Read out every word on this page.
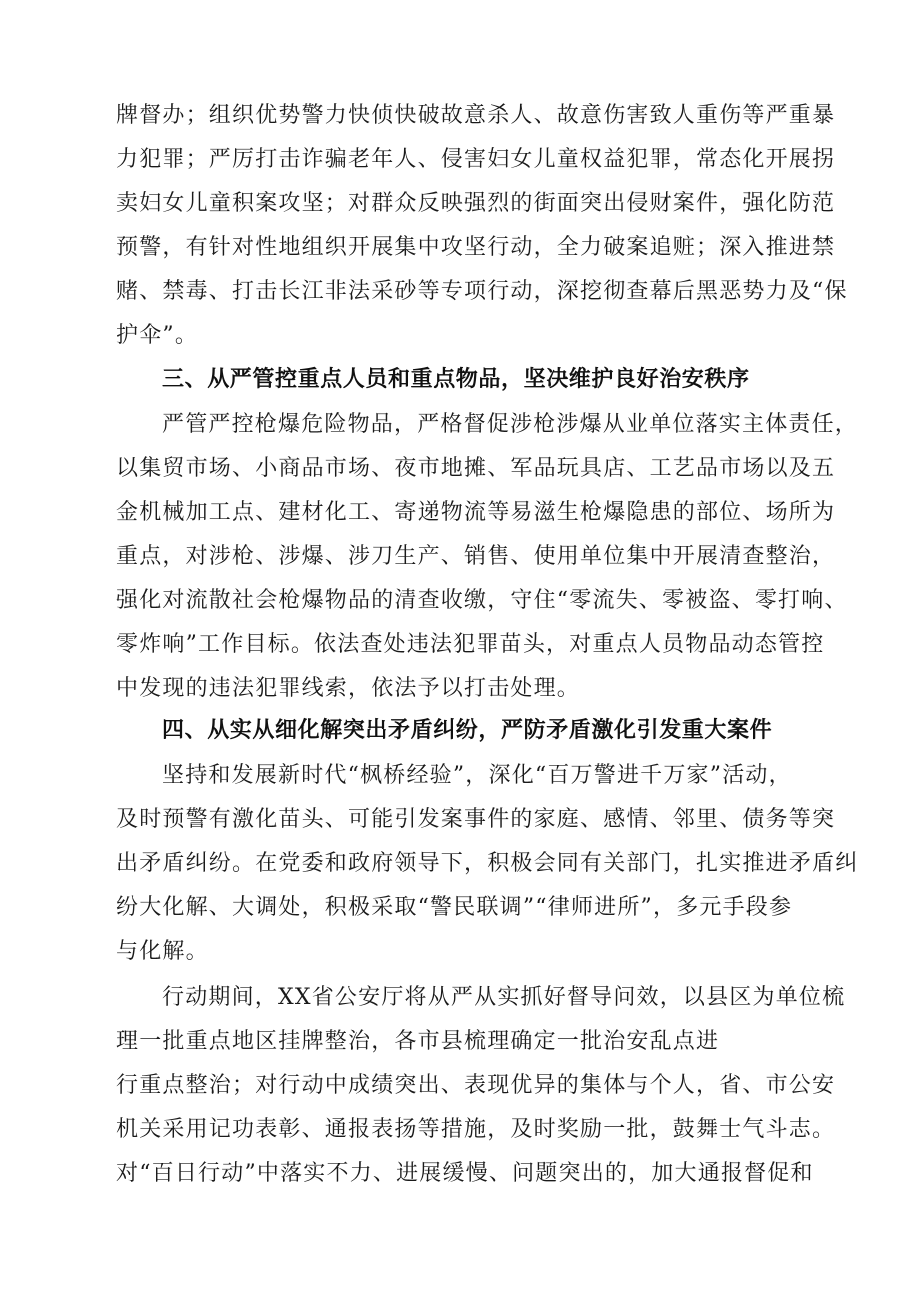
牌督办；组织优势警力快侦快破故意杀人、故意伤害致人重伤等严重暴
力犯罪；严厉打击诈骗老年人、侵害妇女儿童权益犯罪，常态化开展拐
卖妇女儿童积案攻坚；对群众反映强烈的街面突出侵财案件，强化防范
预警，有针对性地组织开展集中攻坚行动，全力破案追赃；深入推进禁
赌、禁毒、打击长江非法采砂等专项行动，深挖彻查幕后黑恶势力及“保
护伞”。
三、从严管控重点人员和重点物品，坚决维护良好治安秩序
严管严控枪爆危险物品，严格督促涉枪涉爆从业单位落实主体责任，
以集贸市场、小商品市场、夜市地摊、军品玩具店、工艺品市场以及五
金机械加工点、建材化工、寄递物流等易滋生枪爆隐患的部位、场所为
重点，对涉枪、涉爆、涉刀生产、销售、使用单位集中开展清查整治，
强化对流散社会枪爆物品的清查收缴，守住“零流失、零被盗、零打响、
零炸响”工作目标。依法查处违法犯罪苗头，对重点人员物品动态管控
中发现的违法犯罪线索，依法予以打击处理。
四、从实从细化解突出矛盾纠纷，严防矛盾激化引发重大案件
坚持和发展新时代“枫桥经验”，深化“百万警进千万家”活动，
及时预警有激化苗头、可能引发案事件的家庭、感情、邻里、债务等突
出矛盾纠纷。在党委和政府领导下，积极会同有关部门，扎实推进矛盾纠
纷大化解、大调处，积极采取“警民联调”“律师进所”，多元手段参
与化解。
行动期间，XX省公安厅将从严从实抓好督导问效，以县区为单位梳
理一批重点地区挂牌整治，各市县梳理确定一批治安乱点进
行重点整治；对行动中成绩突出、表现优异的集体与个人，省、市公安
机关采用记功表彰、通报表扬等措施，及时奖励一批，鼓舞士气斗志。
对“百日行动”中落实不力、进展缓慢、问题突出的，加大通报督促和
